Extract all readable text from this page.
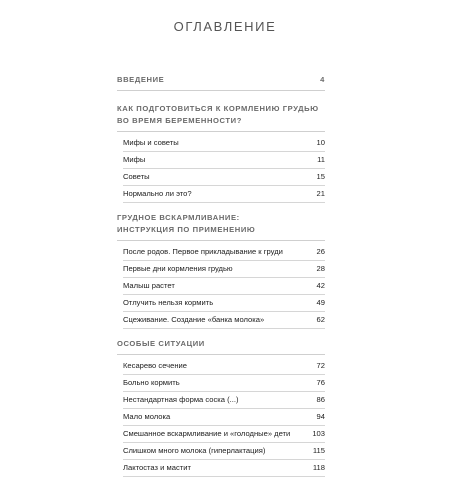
ОГЛАВЛЕНИЕ
ВВЕДЕНИЕ	4
КАК ПОДГОТОВИТЬСЯ К КОРМЛЕНИЮ ГРУДЬЮ
ВО ВРЕМЯ БЕРЕМЕННОСТИ?
Мифы и советы	10
Мифы	11
Советы	15
Нормально ли это?	21
ГРУДНОЕ ВСКАРМЛИВАНИЕ:
ИНСТРУКЦИЯ ПО ПРИМЕНЕНИЮ
После родов. Первое прикладывание к груди	26
Первые дни кормления грудью	28
Малыш растет	42
Отлучить нельзя кормить	49
Сцеживание. Создание «банка молока»	62
ОСОБЫЕ СИТУАЦИИ
Кесарево сечение	72
Больно кормить	76
Нестандартная форма соска (...)	86
Мало молока	94
Смешанное вскармливание и «голодные» дети	103
Слишком много молока (гиперлактация)	115
Лактостаз и мастит	118
